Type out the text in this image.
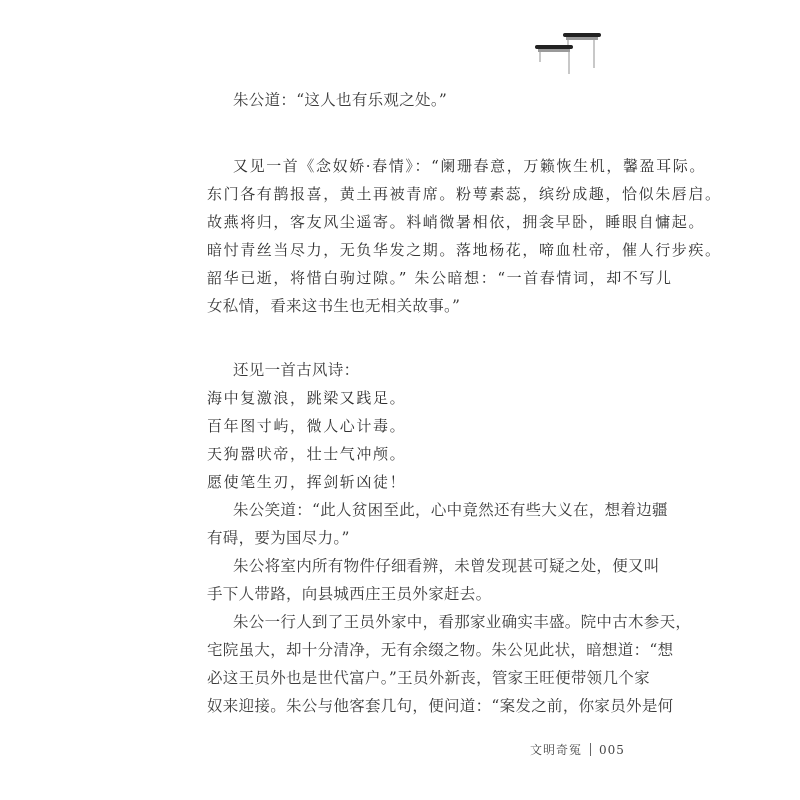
朱公道：“这人也有乐观之处。”
又见一首《念奴娇·春情》：“阑珊春意，万籁恢生机，馨盈耳际。
东门各有鹊报喜，黄土再被青席。粉萼素蕊，缤纷成趣，恰似朱唇启。
故燕将归，客友风尘遥寄。料峭微暑相依，拥衾早卧，睡眼自慵起。
暗忖青丝当尽力，无负华发之期。落地杨花，啼血杜帝，催人行步疾。
韶华已逝，将惜白驹过隙。” 朱公暗想：“一首春情词，却不写儿
女私情，看来这书生也无相关故事。”
还见一首古风诗：
海中复激浪，跳梁又践足。
百年图寸屿，微人心计毒。
天狗嚣吠帝，壮士气冲颅。
愿使笔生刃，挥剑斩凶徒！
朱公笑道：“此人贫困至此，心中竟然还有些大义在，想着边疆
有碍，要为国尽力。”
朱公将室内所有物件仔细看辨，未曾发现甚可疑之处，便又叫
手下人带路，向县城西庄王员外家赶去。
朱公一行人到了王员外家中，看那家业确实丰盛。院中古木参天，
宅院虽大，却十分清净，无有余缀之物。朱公见此状，暗想道：“想
必这王员外也是世代富户。”王员外新丧，管家王旺便带领几个家
奴来迎接。朱公与他客套几句，便问道：“案发之前，你家员外是何
文明奇冤 005
